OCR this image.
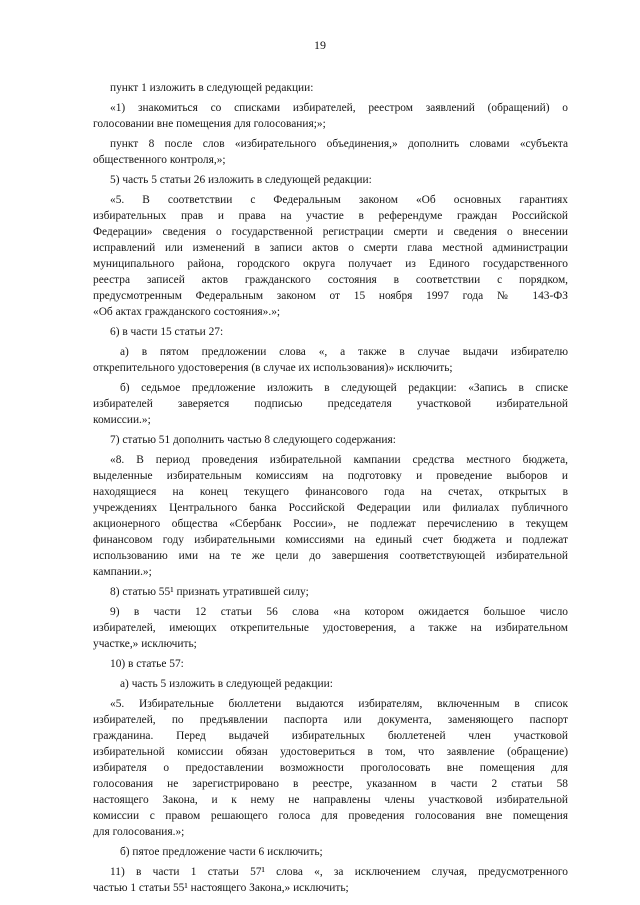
19
пункт 1 изложить в следующей редакции:
«1) знакомиться со списками избирателей, реестром заявлений (обращений) о
голосовании вне помещения для голосования;»;
пункт 8 после слов «избирательного объединения,» дополнить словами «субъекта
общественного контроля,»;
5) часть 5 статьи 26 изложить в следующей редакции:
«5. В соответствии с Федеральным законом «Об основных гарантиях
избирательных прав и права на участие в референдуме граждан Российской
Федерации» сведения о государственной регистрации смерти и сведения о внесении
исправлений или изменений в записи актов о смерти глава местной администрации
муниципального района, городского округа получает из Единого государственного
реестра записей актов гражданского состояния в соответствии с порядком,
предусмотренным Федеральным законом от 15 ноября 1997 года № 143-ФЗ
«Об актах гражданского состояния».»;
6) в части 15 статьи 27:
а) в пятом предложении слова «, а также в случае выдачи избирателю
открепительного удостоверения (в случае их использования)» исключить;
б) седьмое предложение изложить в следующей редакции: «Запись в списке
избирателей заверяется подписью председателя участковой избирательной
комиссии.»;
7) статью 51 дополнить частью 8 следующего содержания:
«8. В период проведения избирательной кампании средства местного бюджета,
выделенные избирательным комиссиям на подготовку и проведение выборов и
находящиеся на конец текущего финансового года на счетах, открытых в
учреждениях Центрального банка Российской Федерации или филиалах публичного
акционерного общества «Сбербанк России», не подлежат перечислению в текущем
финансовом году избирательными комиссиями на единый счет бюджета и подлежат
использованию ими на те же цели до завершения соответствующей избирательной
кампании.»;
8) статью 55¹ признать утратившей силу;
9) в части 12 статьи 56 слова «на котором ожидается большое число
избирателей, имеющих открепительные удостоверения, а также на избирательном
участке,» исключить;
10) в статье 57:
а) часть 5 изложить в следующей редакции:
«5. Избирательные бюллетени выдаются избирателям, включенным в список
избирателей, по предъявлении паспорта или документа, заменяющего паспорт
гражданина. Перед выдачей избирательных бюллетеней член участковой
избирательной комиссии обязан удостовериться в том, что заявление (обращение)
избирателя о предоставлении возможности проголосовать вне помещения для
голосования не зарегистрировано в реестре, указанном в части 2 статьи 58
настоящего Закона, и к нему не направлены члены участковой избирательной
комиссии с правом решающего голоса для проведения голосования вне помещения
для голосования.»;
б) пятое предложение части 6 исключить;
11) в части 1 статьи 57¹ слова «, за исключением случая, предусмотренного
частью 1 статьи 55¹ настоящего Закона,» исключить;
